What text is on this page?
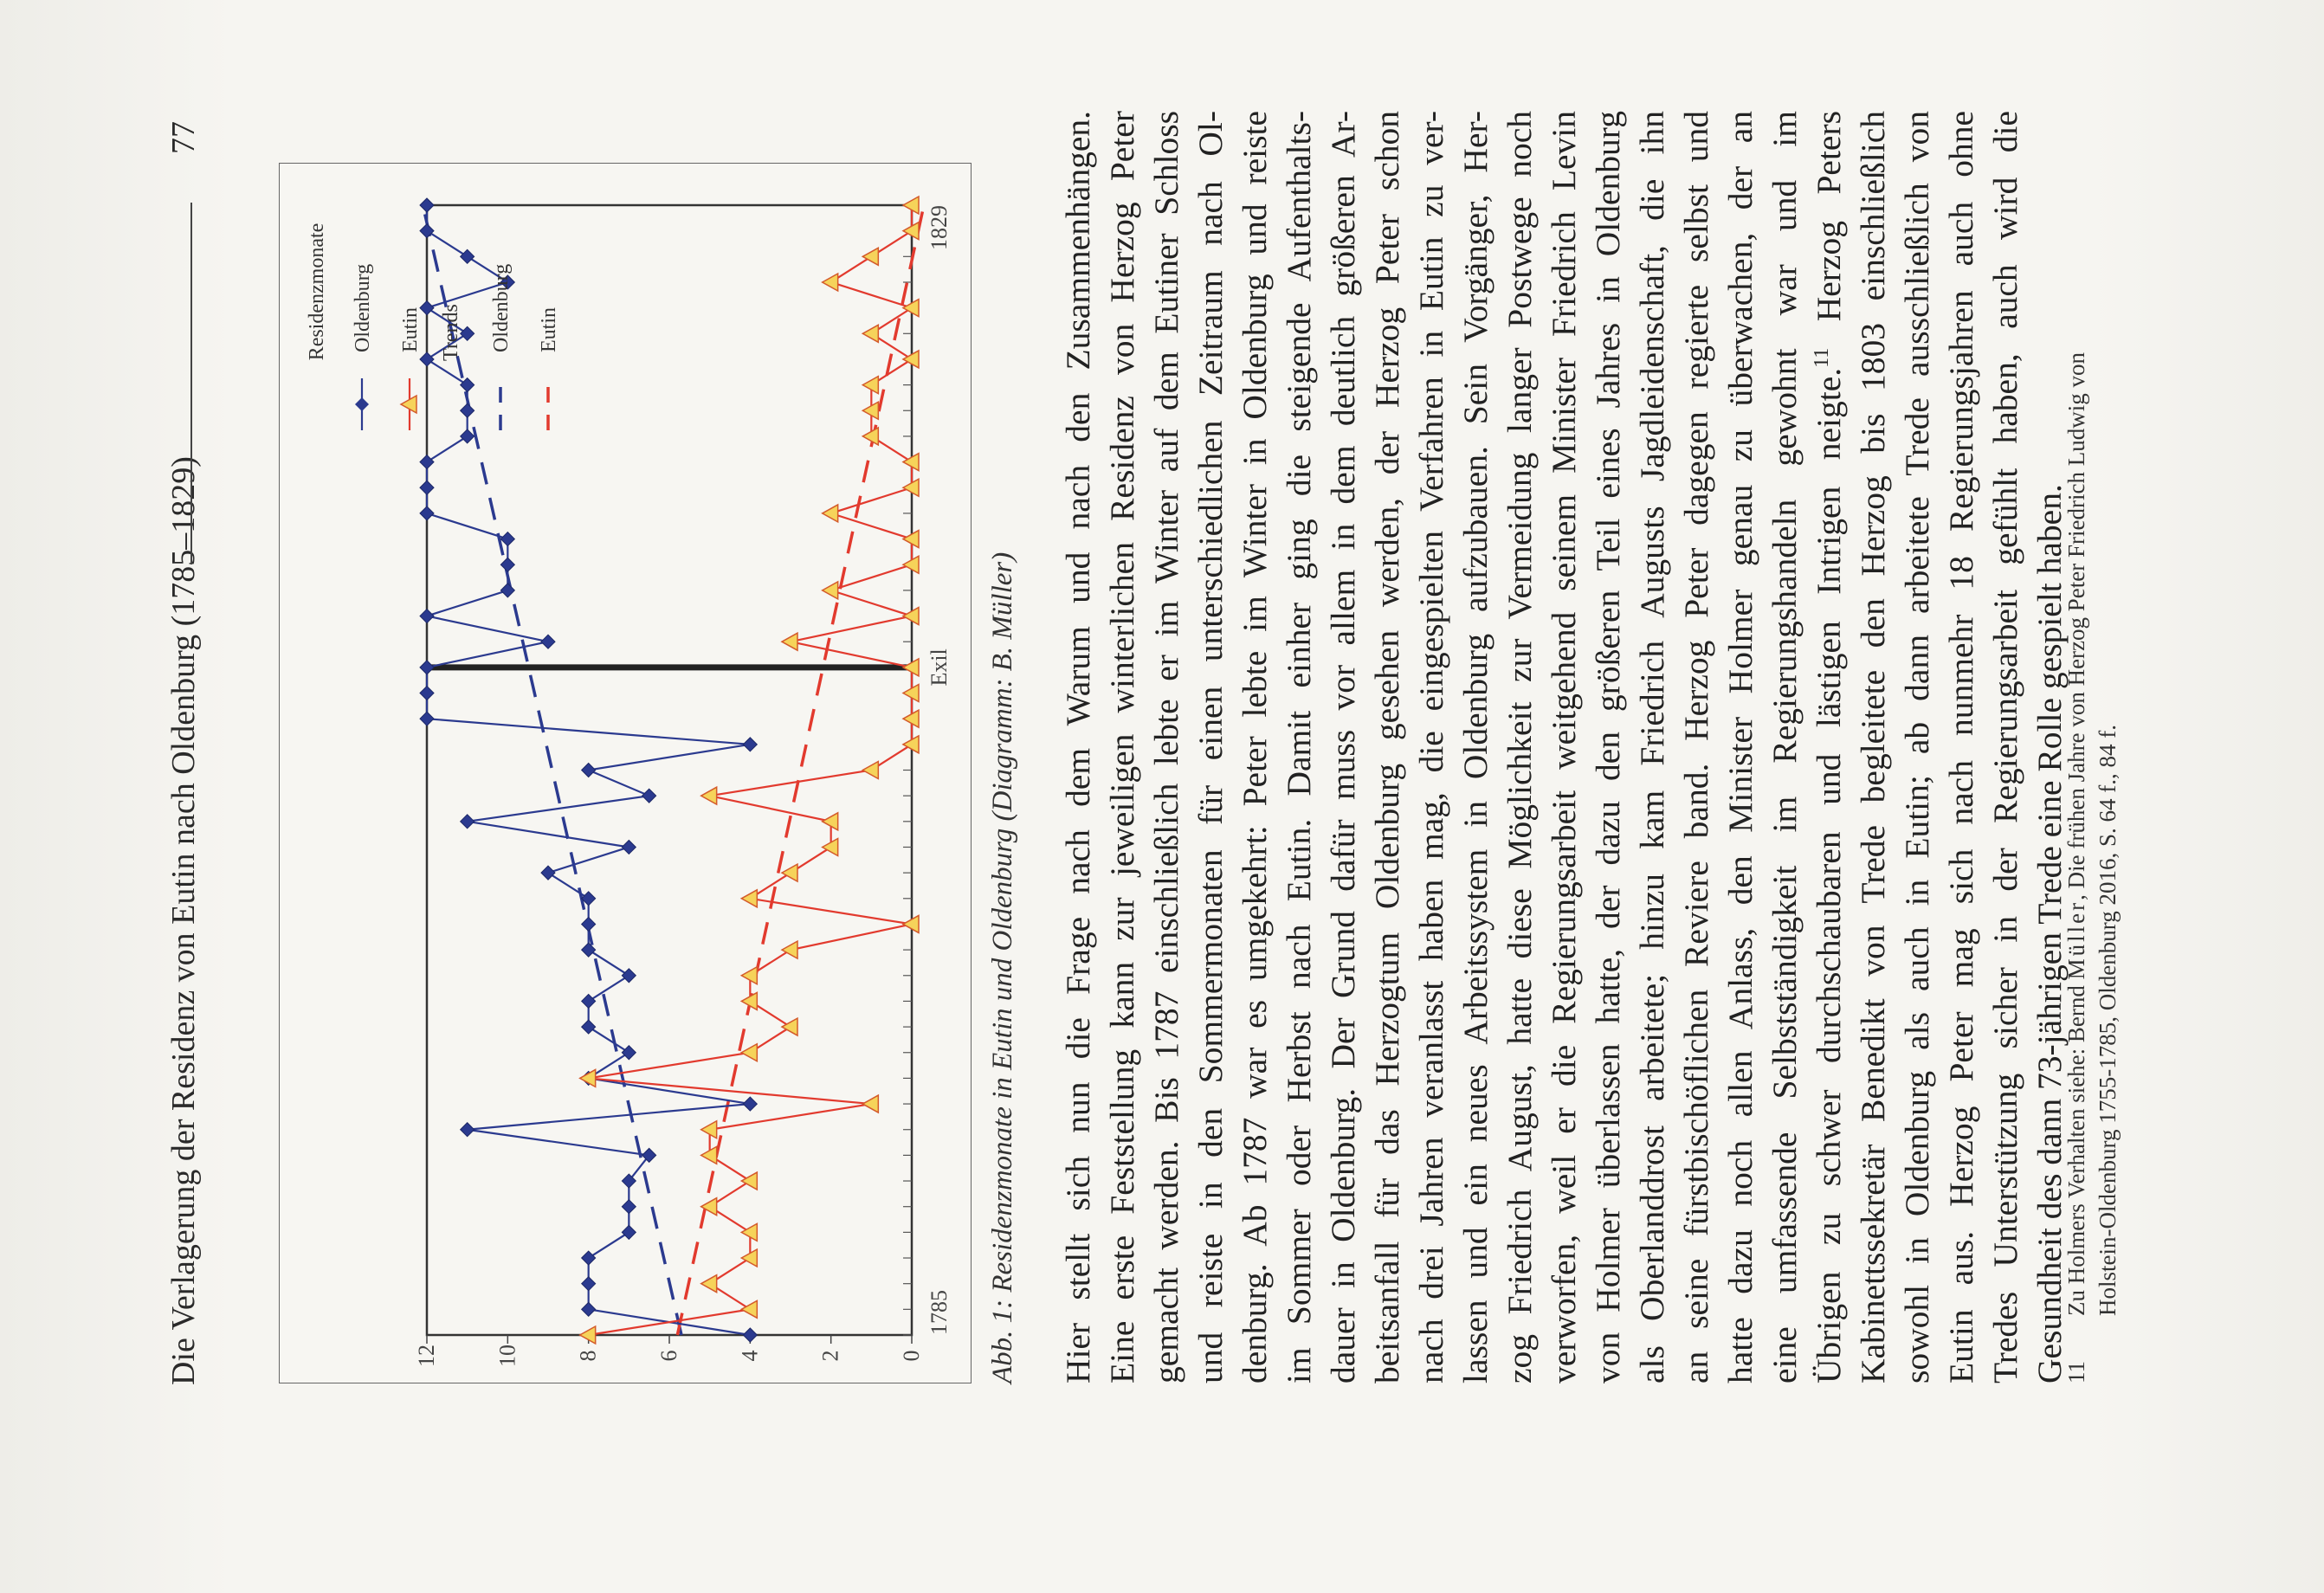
Die Verlagerung der Residenz von Eutin nach Oldenburg (1785–1829)
77
0
2
4
6
8
10
12
1785
1829
Exil
Residenzmonate	Trends
Oldenburg Eutin	Oldenburg Eutin
Abb. 1: Residenzmonate in Eutin und Oldenburg (Diagramm: B. Müller) Hier stellt sich nun die Frage nach dem Warum und nach den Zusammenhängen. Eine erste Feststellung kann zur jeweiligen winterlichen Residenz von Herzog Peter gemacht werden. Bis 1787 einschließlich lebte er im Winter auf dem Eutiner Schloss und reiste in den Sommermonaten für einen unterschiedlichen Zeitraum nach Ol- denburg. Ab 1787 war es umgekehrt: Peter lebte im Winter in Oldenburg und reiste im Sommer oder Herbst nach Eutin. Damit einher ging die steigende Aufenthalts- dauer in Oldenburg. Der Grund dafür muss vor allem in dem deutlich größeren Ar- beitsanfall für das Herzogtum Oldenburg gesehen werden, der Herzog Peter schon nach drei Jahren veranlasst haben mag, die eingespielten Verfahren in Eutin zu ver- lassen und ein neues Arbeitssystem in Oldenburg aufzubauen. Sein Vorgänger, Her- zog Friedrich August, hatte diese Möglichkeit zur Vermeidung langer Postwege noch verworfen, weil er die Regierungsarbeit weitgehend seinem Minister Friedrich Levin von Holmer überlassen hatte, der dazu den größeren Teil eines Jahres in Oldenburg als Oberlanddrost arbeitete; hinzu kam Friedrich Augusts Jagdleidenschaft, die ihn an seine fürstbischöflichen Reviere band. Herzog Peter dagegen regierte selbst und hatte dazu noch allen Anlass, den Minister Holmer genau zu überwachen, der an eine umfassende Selbstständigkeit im Regierungshandeln gewohnt war und im Übrigen zu schwer durchschaubaren und lästigen Intrigen neigte.$^{11}$ Herzog Peters Kabinettssekretär Benedikt von Trede begleitete den Herzog bis 1803 einschließlich sowohl in Oldenburg als auch in Eutin; ab dann arbeitete Trede ausschließlich von Eutin aus. Herzog Peter mag sich nach nunmehr 18 Regierungsjahren auch ohne Tredes Unterstützung sicher in der Regierungsarbeit gefühlt haben, auch wird die Gesundheit des dann 73-jährigen Trede eine Rolle gespielt haben.
11
Zu Holmers Verhalten siehe: Bernd Müller, Die frühen Jahre von Herzog Peter Friedrich Ludwig von
Holstein-Oldenburg 1755-1785, Oldenburg 2016, S. 64 f., 84 f.
